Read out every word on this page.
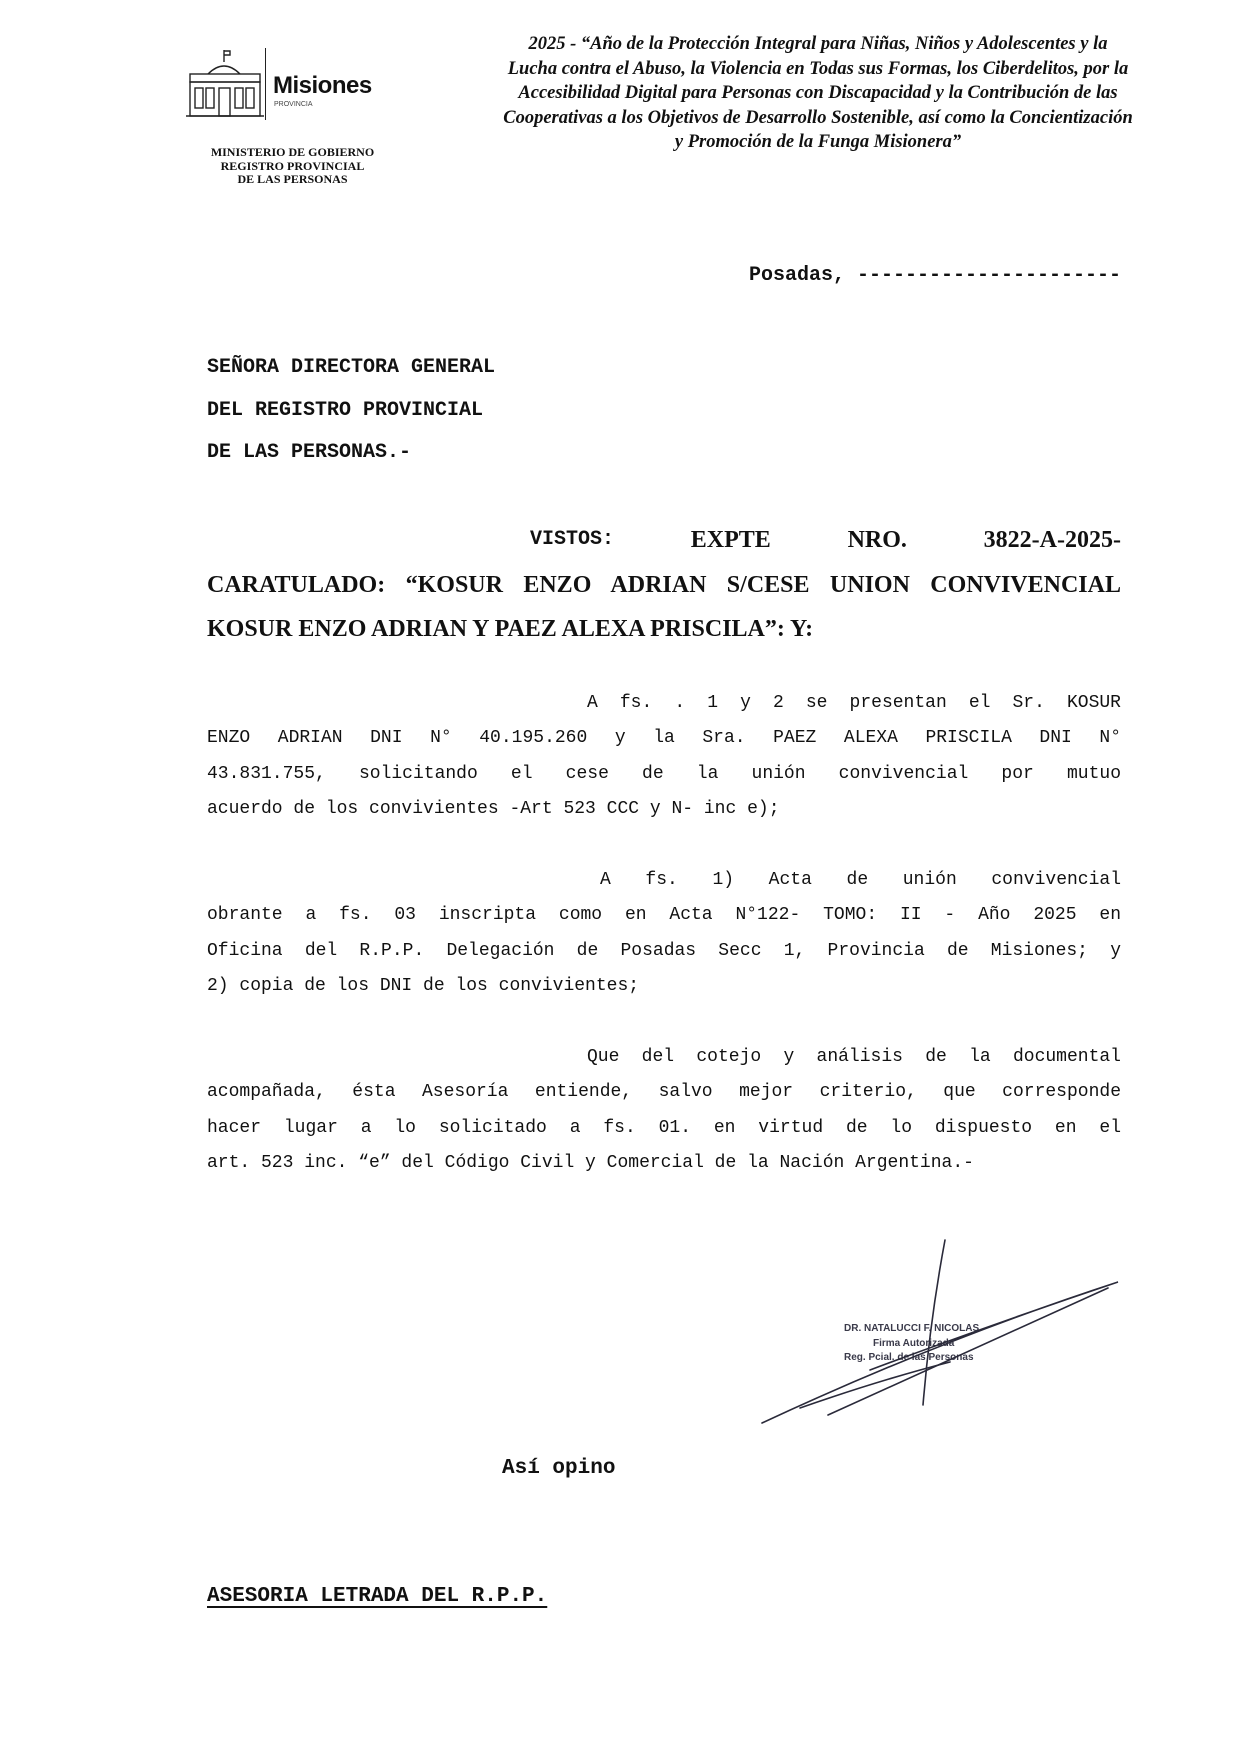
Misiones
PROVINCIA
2025 - “Año de la Protección Integral para Niñas, Niños y Adolescentes y la
Lucha contra el Abuso, la Violencia en Todas sus Formas, los Ciberdelitos, por la
Accesibilidad Digital para Personas con Discapacidad y la Contribución de las
Cooperativas a los Objetivos de Desarrollo Sostenible, así como la Concientización
y Promoción de la Funga Misionera”
MINISTERIO DE GOBIERNO
REGISTRO PROVINCIAL
DE LAS PERSONAS
Posadas, ----------------------
SEÑORA DIRECTORA GENERAL
DEL REGISTRO PROVINCIAL
DE LAS PERSONAS.-
VISTOS:	EXPTE	NRO.	3822-A-2025-
CARATULADO: “KOSUR ENZO ADRIAN S/CESE UNION CONVIVENCIAL
KOSUR ENZO ADRIAN Y PAEZ ALEXA PRISCILA”: Y:
A fs. . 1 y 2 se presentan el Sr. KOSUR
ENZO ADRIAN DNI N° 40.195.260 y la Sra. PAEZ ALEXA PRISCILA DNI N°
43.831.755, solicitando el cese de la unión convivencial por mutuo
acuerdo de los convivientes -Art 523 CCC y N- inc e);
A fs. 1) Acta de unión convivencial
obrante a fs. 03 inscripta como en Acta N°122- TOMO: II - Año 2025 en
Oficina del R.P.P. Delegación de Posadas Secc 1, Provincia de Misiones; y
2) copia de los DNI de los convivientes;
Que del cotejo y análisis de la documental
acompañada, ésta Asesoría entiende, salvo mejor criterio, que corresponde
hacer lugar a lo solicitado a fs. 01. en virtud de lo dispuesto en el
art. 523 inc. “e” del Código Civil y Comercial de la Nación Argentina.-
DR. NATALUCCI F. NICOLAS
Firma Autorizada
Reg. Pcial. de las Personas
Así opino
ASESORIA LETRADA DEL R.P.P.
